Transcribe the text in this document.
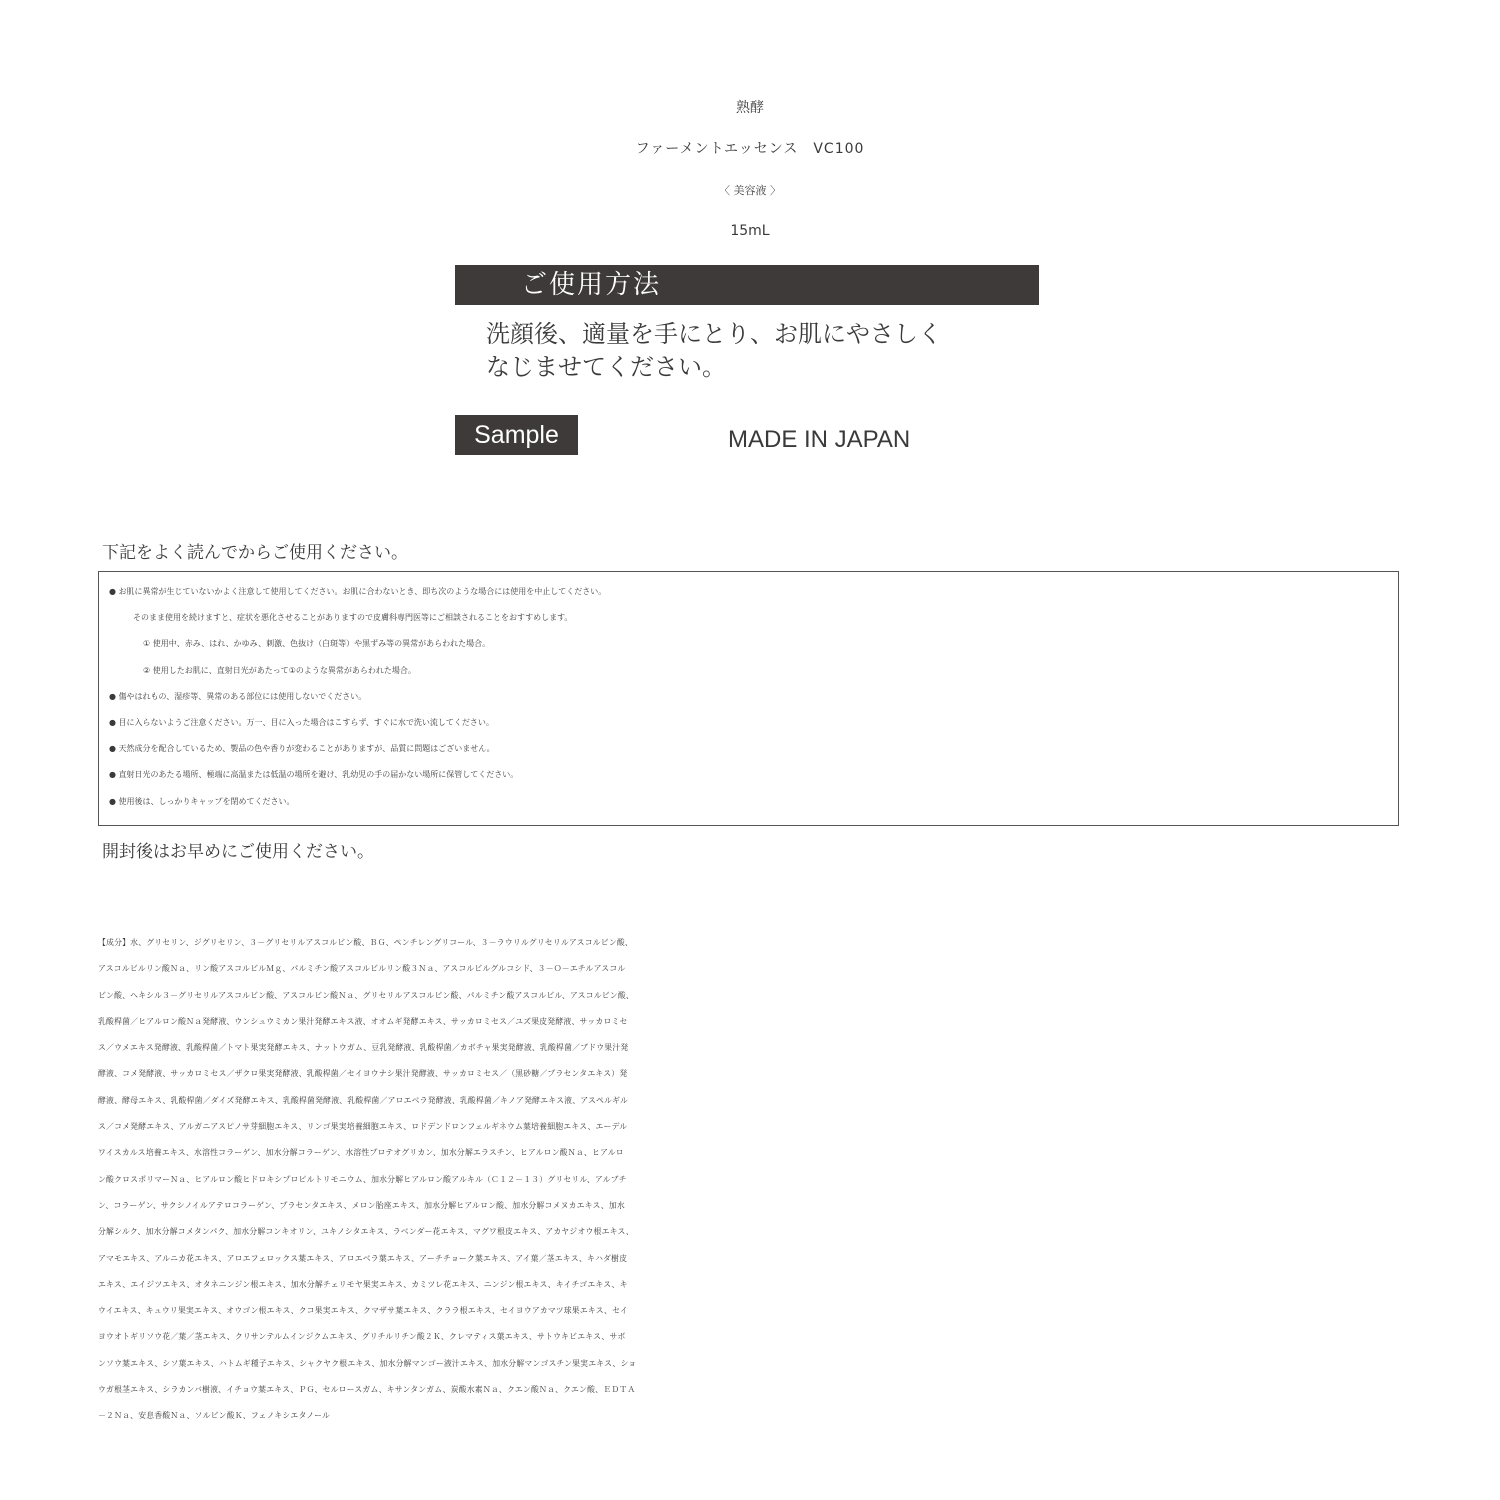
熟酵
ファーメントエッセンス　VC100
〈 美容液 〉
15mL
ご使用方法
洗顔後、適量を手にとり、お肌にやさしく
なじませてください。
Sample	MADE IN JAPAN
下記をよく読んでからご使用ください。
● お肌に異常が生じていないかよく注意して使用してください。お肌に合わないとき、即ち次のような場合には使用を中止してください。
そのまま使用を続けますと、症状を悪化させることがありますので皮膚科専門医等にご相談されることをおすすめします。
① 使用中、赤み、はれ、かゆみ、刺激、色抜け（白斑等）や黒ずみ等の異常があらわれた場合。
② 使用したお肌に、直射日光があたって①のような異常があらわれた場合。
● 傷やはれもの、湿疹等、異常のある部位には使用しないでください。
● 目に入らないようご注意ください。万一、目に入った場合はこすらず、すぐに水で洗い流してください。
● 天然成分を配合しているため、製品の色や香りが変わることがありますが、品質に問題はございません。
● 直射日光のあたる場所、極端に高温または低温の場所を避け、乳幼児の手の届かない場所に保管してください。
● 使用後は、しっかりキャップを閉めてください。
開封後はお早めにご使用ください。
【成分】水、グリセリン、ジグリセリン、３－グリセリルアスコルビン酸、ＢＧ、ペンチレングリコール、３－ラウリルグリセリルアスコルビン酸、
アスコルビルリン酸Ｎａ、リン酸アスコルビルＭｇ、パルミチン酸アスコルビルリン酸３Ｎａ、アスコルビルグルコシド、３－Ｏ－エチルアスコル
ビン酸、ヘキシル３－グリセリルアスコルビン酸、アスコルビン酸Ｎａ、グリセリルアスコルビン酸、パルミチン酸アスコルビル、アスコルビン酸、
乳酸桿菌／ヒアルロン酸Ｎａ発酵液、ウンシュウミカン果汁発酵エキス液、オオムギ発酵エキス、サッカロミセス／ユズ果皮発酵液、サッカロミセ
ス／ウメエキス発酵液、乳酸桿菌／トマト果実発酵エキス、ナットウガム、豆乳発酵液、乳酸桿菌／カボチャ果実発酵液、乳酸桿菌／ブドウ果汁発
酵液、コメ発酵液、サッカロミセス／ザクロ果実発酵液、乳酸桿菌／セイヨウナシ果汁発酵液、サッカロミセス／（黒砂糖／プラセンタエキス）発
酵液、酵母エキス、乳酸桿菌／ダイズ発酵エキス、乳酸桿菌発酵液、乳酸桿菌／アロエベラ発酵液、乳酸桿菌／キノア発酵エキス液、アスペルギル
ス／コメ発酵エキス、アルガニアスピノサ芽細胞エキス、リンゴ果実培養細胞エキス、ロドデンドロンフェルギネウム葉培養細胞エキス、エーデル
ワイスカルス培養エキス、水溶性コラーゲン、加水分解コラーゲン、水溶性プロテオグリカン、加水分解エラスチン、ヒアルロン酸Ｎａ、ヒアルロ
ン酸クロスポリマーＮａ、ヒアルロン酸ヒドロキシプロピルトリモニウム、加水分解ヒアルロン酸アルキル（Ｃ１２－１３）グリセリル、アルブチ
ン、コラーゲン、サクシノイルアテロコラーゲン、プラセンタエキス、メロン胎座エキス、加水分解ヒアルロン酸、加水分解コメヌカエキス、加水
分解シルク、加水分解コメタンパク、加水分解コンキオリン、ユキノシタエキス、ラベンダー花エキス、マグワ根皮エキス、アカヤジオウ根エキス、
アマモエキス、アルニカ花エキス、アロエフェロックス葉エキス、アロエベラ葉エキス、アーチチョーク葉エキス、アイ葉／茎エキス、キハダ樹皮
エキス、エイジツエキス、オタネニンジン根エキス、加水分解チェリモヤ果実エキス、カミツレ花エキス、ニンジン根エキス、キイチゴエキス、キ
ウイエキス、キュウリ果実エキス、オウゴン根エキス、クコ果実エキス、クマザサ葉エキス、クララ根エキス、セイヨウアカマツ球果エキス、セイ
ヨウオトギリソウ花／葉／茎エキス、クリサンテルムインジクムエキス、グリチルリチン酸２Ｋ、クレマティス葉エキス、サトウキビエキス、サボ
ンソウ葉エキス、シソ葉エキス、ハトムギ種子エキス、シャクヤク根エキス、加水分解マンゴー液汁エキス、加水分解マンゴスチン果実エキス、ショ
ウガ根茎エキス、シラカンバ樹液、イチョウ葉エキス、ＰＧ、セルロースガム、キサンタンガム、炭酸水素Ｎａ、クエン酸Ｎａ、クエン酸、ＥＤＴＡ
－２Ｎａ、安息香酸Ｎａ、ソルビン酸Ｋ、フェノキシエタノール
